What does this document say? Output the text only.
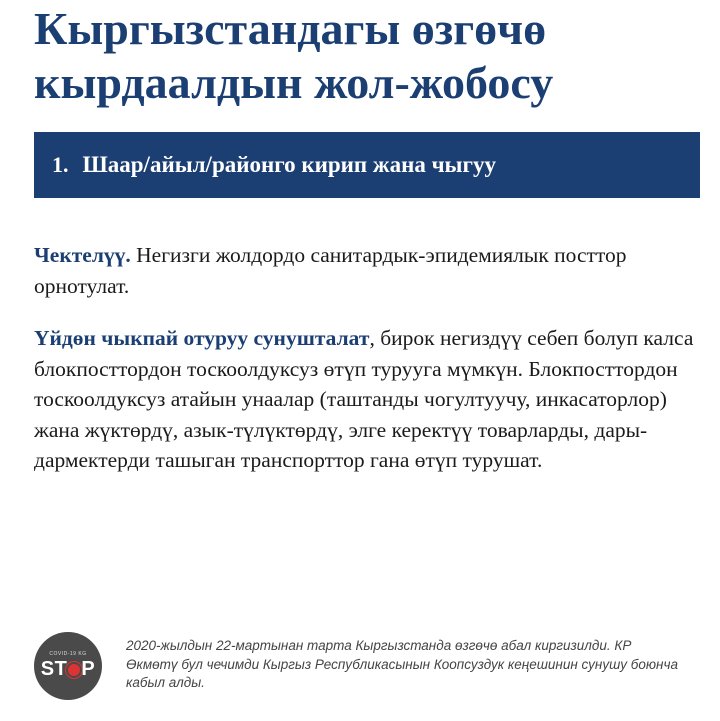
Кыргызстандагы өзгөчө кырдаалдын жол-жобосу
1. Шаар/айыл/районго кирип жана чыгуу

Чектелүү. Негизги жолдордо санитардык-эпидемиялык посттор орнотулат.

Үйдөн чыкпай отуруу сунушталат, бирок негиздүү себеп болуп калса блокпосттордон тоскоолдуксуз өтүп турууга мүмкүн. Блокпосттордон тоскоолдуксуз атайын унаалар (таштанды чогултуучу, инкасаторлор) жана жүктөрдү, азык-түлүктөрдү, элге керектүү товарларды, дары-дармектерди ташыган транспорттор гана өтүп турушат.

COVID-19 KG
ST P

2020-жылдын 22-мартынан тарта Кыргызстанда өзгөчө абал киргизилди. КР Өкмөтү бул чечимди Кыргыз Республикасынын Коопсуздук кеңешинин сунушу боюнча кабыл алды.
